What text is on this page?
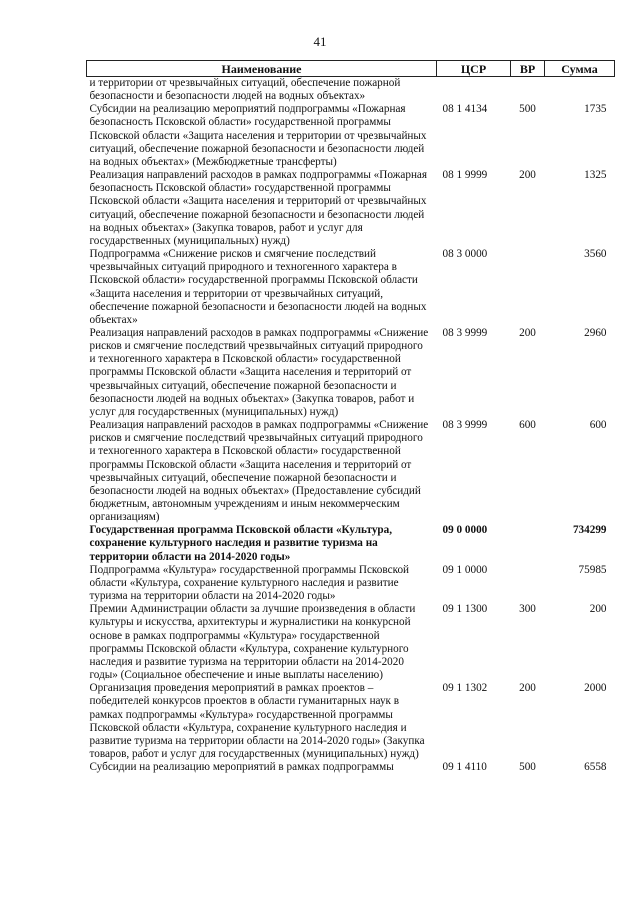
41
Наименование	ЦСР	ВР	Сумма
и территории от чрезвычайных ситуаций, обеспечение пожарной безопасности и безопасности людей на водных объектах»			
Субсидии на реализацию мероприятий подпрограммы «Пожарная безопасность Псковской области» государственной программы Псковской области «Защита населения и территории от чрезвычайных ситуаций, обеспечение пожарной безопасности и безопасности людей на водных объектах» (Межбюджетные трансферты)	08 1 4134	500	1735
Реализация направлений расходов в рамках подпрограммы «Пожарная безопасность Псковской области» государственной программы Псковской области «Защита населения и территорий от чрезвычайных ситуаций, обеспечение пожарной безопасности и безопасности людей на водных объектах» (Закупка товаров, работ и услуг для государственных (муниципальных) нужд)	08 1 9999	200	1325
Подпрограмма «Снижение рисков и смягчение последствий чрезвычайных ситуаций природного и техногенного характера в Псковской области» государственной программы Псковской области «Защита населения и территории от чрезвычайных ситуаций, обеспечение пожарной безопасности и безопасности людей на водных объектах»	08 3 0000		3560
Реализация направлений расходов в рамках подпрограммы «Снижение рисков и смягчение последствий чрезвычайных ситуаций природного и техногенного характера в Псковской области» государственной программы Псковской области «Защита населения и территорий от чрезвычайных ситуаций, обеспечение пожарной безопасности и безопасности людей на водных объектах» (Закупка товаров, работ и услуг для государственных (муниципальных) нужд)	08 3 9999	200	2960
Реализация направлений расходов в рамках подпрограммы «Снижение рисков и смягчение последствий чрезвычайных ситуаций природного и техногенного характера в Псковской области» государственной программы Псковской области «Защита населения и территорий от чрезвычайных ситуаций, обеспечение пожарной безопасности и безопасности людей на водных объектах» (Предоставление субсидий бюджетным, автономным учреждениям и иным некоммерческим организациям)	08 3 9999	600	600
Государственная программа Псковской области «Культура, сохранение культурного наследия и развитие туризма на территории области на 2014-2020 годы»	09 0 0000		734299
Подпрограмма «Культура» государственной программы Псковской области «Культура, сохранение культурного наследия и развитие туризма на территории области на 2014-2020 годы»	09 1 0000		75985
Премии Администрации области за лучшие произведения в области культуры и искусства, архитектуры и журналистики на конкурсной основе в рамках подпрограммы «Культура» государственной программы Псковской области «Культура, сохранение культурного наследия и развитие туризма на территории области на 2014-2020 годы» (Социальное обеспечение и иные выплаты населению)	09 1 1300	300	200
Организация проведения мероприятий в рамках проектов – победителей конкурсов проектов в области гуманитарных наук в рамках подпрограммы «Культура» государственной программы Псковской области «Культура, сохранение культурного наследия и развитие туризма на территории области на 2014-2020 годы» (Закупка товаров, работ и услуг для государственных (муниципальных) нужд)	09 1 1302	200	2000
Субсидии на реализацию мероприятий в рамках подпрограммы	09 1 4110	500	6558
